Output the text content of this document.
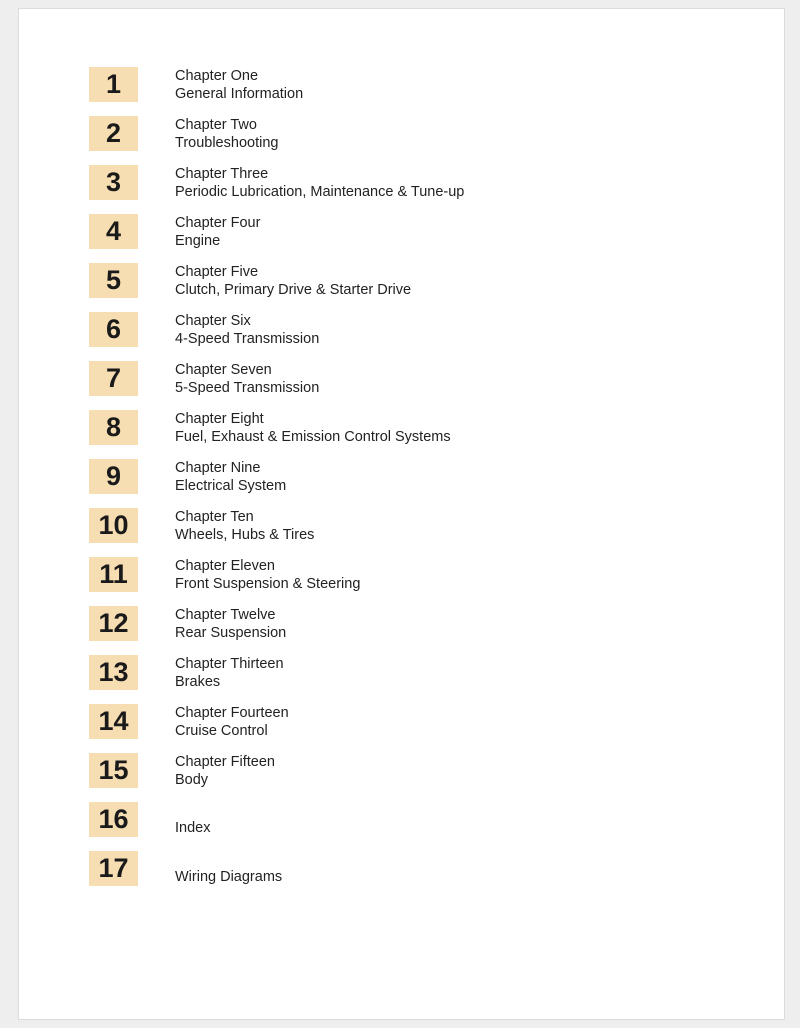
1	Chapter One
General Information
2	Chapter Two
Troubleshooting
3	Chapter Three
Periodic Lubrication, Maintenance & Tune-up
4	Chapter Four
Engine
5	Chapter Five
Clutch, Primary Drive & Starter Drive
6	Chapter Six
4-Speed Transmission
7	Chapter Seven
5-Speed Transmission
8	Chapter Eight
Fuel, Exhaust & Emission Control Systems
9	Chapter Nine
Electrical System
10	Chapter Ten
Wheels, Hubs & Tires
11	Chapter Eleven
Front Suspension & Steering
12	Chapter Twelve
Rear Suspension
13	Chapter Thirteen
Brakes
14	Chapter Fourteen
Cruise Control
15	Chapter Fifteen
Body
16	Index
17	Wiring Diagrams
